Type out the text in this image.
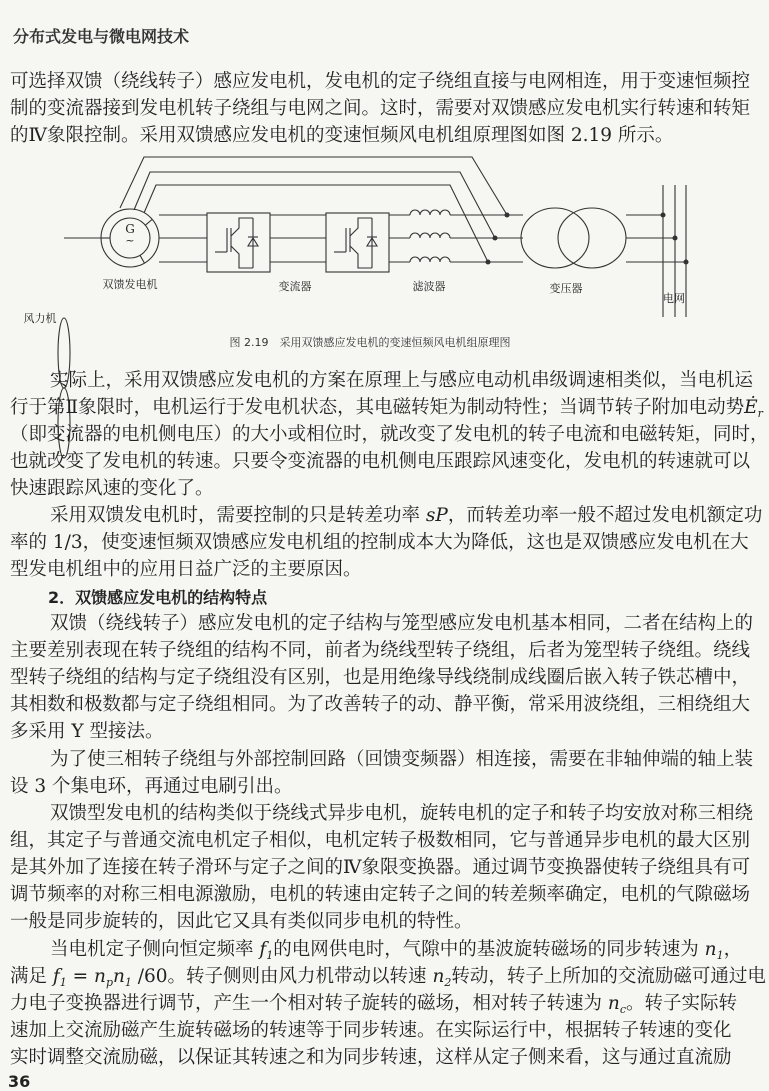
分布式发电与微电网技术
可选择双馈（绕线转子）感应发电机，发电机的定子绕组直接与电网相连，用于变速恒频控
制的变流器接到发电机转子绕组与电网之间。这时，需要对双馈感应发电机实行转速和转矩
的Ⅳ象限控制。采用双馈感应发电机的变速恒频风电机组原理图如图 2.19 所示。
图 2.19　采用双馈感应发电机的变速恒频风电机组原理图
双馈发电机	变流器	滤波器	变压器
电网
风力机
G
~
实际上，采用双馈感应发电机的方案在原理上与感应电动机串级调速相类似，当电机运
行于第Ⅱ象限时，电机运行于发电机状态，其电磁转矩为制动特性；当调节转子附加电动势$Ė_r$
（即变流器的电机侧电压）的大小或相位时，就改变了发电机的转子电流和电磁转矩，同时，
也就改变了发电机的转速。只要令变流器的电机侧电压跟踪风速变化，发电机的转速就可以
快速跟踪风速的变化了。
采用双馈发电机时，需要控制的只是转差功率 sP，而转差功率一般不超过发电机额定功
率的 1/3，使变速恒频双馈感应发电机组的控制成本大为降低，这也是双馈感应发电机在大
型发电机组中的应用日益广泛的主要原因。
2．双馈感应发电机的结构特点
双馈（绕线转子）感应发电机的定子结构与笼型感应发电机基本相同，二者在结构上的
主要差别表现在转子绕组的结构不同，前者为绕线型转子绕组，后者为笼型转子绕组。绕线
型转子绕组的结构与定子绕组没有区别，也是用绝缘导线绕制成线圈后嵌入转子铁芯槽中，
其相数和极数都与定子绕组相同。为了改善转子的动、静平衡，常采用波绕组，三相绕组大
多采用 Y 型接法。
为了使三相转子绕组与外部控制回路（回馈变频器）相连接，需要在非轴伸端的轴上装
设 3 个集电环，再通过电刷引出。
双馈型发电机的结构类似于绕线式异步电机，旋转电机的定子和转子均安放对称三相绕
组，其定子与普通交流电机定子相似，电机定转子极数相同，它与普通异步电机的最大区别
是其外加了连接在转子滑环与定子之间的Ⅳ象限变换器。通过调节变换器使转子绕组具有可
调节频率的对称三相电源激励，电机的转速由定转子之间的转差频率确定，电机的气隙磁场
一般是同步旋转的，因此它又具有类似同步电机的特性。
当电机定子侧向恒定频率 $f_1$的电网供电时，气隙中的基波旋转磁场的同步转速为 $n_1$，
满足 $f_1 = n_pn_1$ /60。转子侧则由风力机带动以转速 $n_2$转动，转子上所加的交流励磁可通过电
力电子变换器进行调节，产生一个相对转子旋转的磁场，相对转子转速为 $n_c$。转子实际转
速加上交流励磁产生旋转磁场的转速等于同步转速。在实际运行中，根据转子转速的变化
实时调整交流励磁，以保证其转速之和为同步转速，这样从定子侧来看，这与通过直流励
36
